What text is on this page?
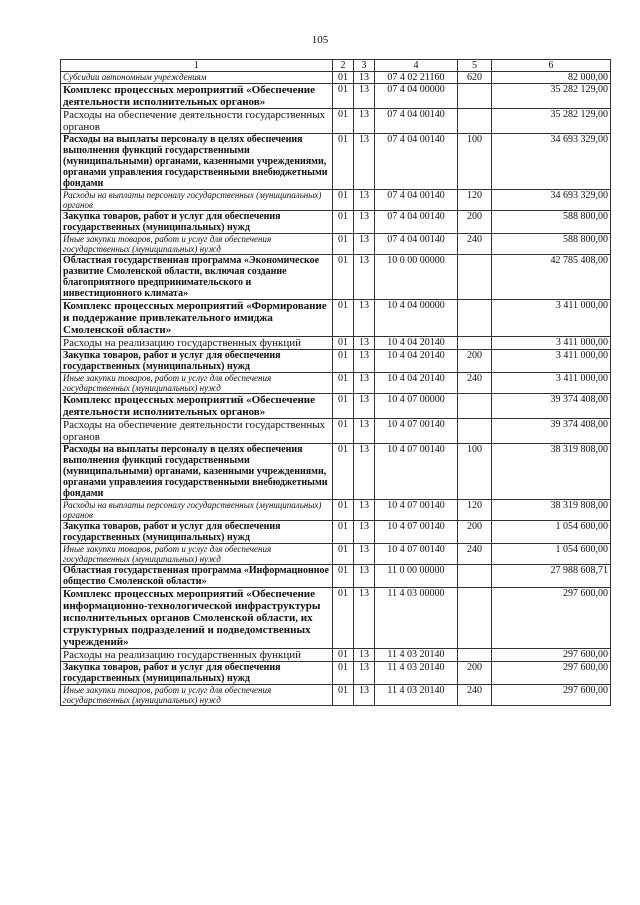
105
1	2	3	4	5	6
Субсидии автономным учреждениям	01	13	07 4 02 21160	620	82 000,00
Комплекс процессных мероприятий «Обеспечение деятельности исполнительных органов»	01	13	07 4 04 00000		35 282 129,00
Расходы на обеспечение деятельности государственных органов	01	13	07 4 04 00140		35 282 129,00
Расходы на выплаты персоналу в целях обеспечения выполнения функций государственными (муниципальными) органами, казенными учреждениями, органами управления государственными внебюджетными фондами	01	13	07 4 04 00140	100	34 693 329,00
Расходы на выплаты персоналу государственных (муниципальных) органов	01	13	07 4 04 00140	120	34 693 329,00
Закупка товаров, работ и услуг для обеспечения государственных (муниципальных) нужд	01	13	07 4 04 00140	200	588 800,00
Иные закупки товаров, работ и услуг для обеспечения государственных (муниципальных) нужд	01	13	07 4 04 00140	240	588 800,00
Областная государственная программа «Экономическое развитие Смоленской области, включая создание благоприятного предпринимательского и инвестиционного климата»	01	13	10 0 00 00000		42 785 408,00
Комплекс процессных мероприятий «Формирование и поддержание привлекательного имиджа Смоленской области»	01	13	10 4 04 00000		3 411 000,00
Расходы на реализацию государственных функций	01	13	10 4 04 20140		3 411 000,00
Закупка товаров, работ и услуг для обеспечения государственных (муниципальных) нужд	01	13	10 4 04 20140	200	3 411 000,00
Иные закупки товаров, работ и услуг для обеспечения государственных (муниципальных) нужд	01	13	10 4 04 20140	240	3 411 000,00
Комплекс процессных мероприятий «Обеспечение деятельности исполнительных органов»	01	13	10 4 07 00000		39 374 408,00
Расходы на обеспечение деятельности государственных органов	01	13	10 4 07 00140		39 374 408,00
Расходы на выплаты персоналу в целях обеспечения выполнения функций государственными (муниципальными) органами, казенными учреждениями, органами управления государственными внебюджетными фондами	01	13	10 4 07 00140	100	38 319 808,00
Расходы на выплаты персоналу государственных (муниципальных) органов	01	13	10 4 07 00140	120	38 319 808,00
Закупка товаров, работ и услуг для обеспечения государственных (муниципальных) нужд	01	13	10 4 07 00140	200	1 054 600,00
Иные закупки товаров, работ и услуг для обеспечения государственных (муниципальных) нужд	01	13	10 4 07 00140	240	1 054 600,00
Областная государственная программа «Информационное общество Смоленской области»	01	13	11 0 00 00000		27 988 608,71
Комплекс процессных мероприятий «Обеспечение информационно-технологической инфраструктуры исполнительных органов Смоленской области, их структурных подразделений и подведомственных учреждений»	01	13	11 4 03 00000		297 600,00
Расходы на реализацию государственных функций	01	13	11 4 03 20140		297 600,00
Закупка товаров, работ и услуг для обеспечения государственных (муниципальных) нужд	01	13	11 4 03 20140	200	297 600,00
Иные закупки товаров, работ и услуг для обеспечения государственных (муниципальных) нужд	01	13	11 4 03 20140	240	297 600,00
